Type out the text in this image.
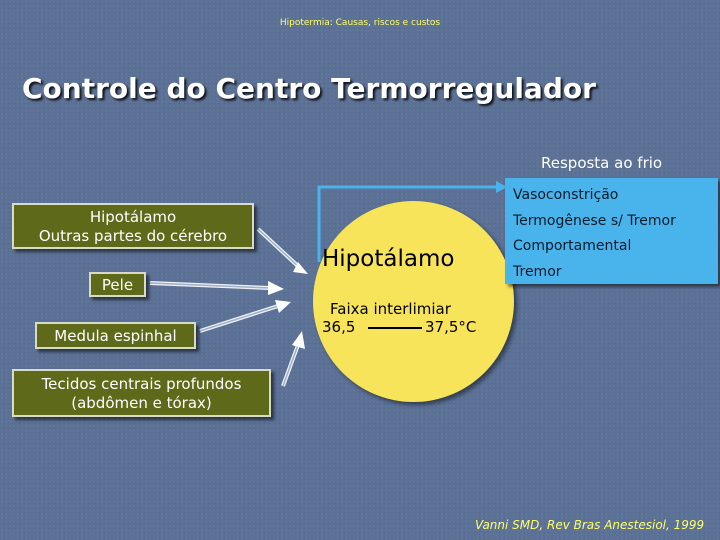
Hipotermia: Causas, riscos e custos
Controle do Centro Termorregulador
Hipotálamo
Outras partes do cérebro
Pele
Medula espinhal
Tecidos centrais profundos
(abdômen e tórax)
Hipotálamo
Faixa interlimiar
36,5	37,5°C
Resposta ao frio
Vasoconstrição
Termogênese s/ Tremor
Comportamental
Tremor
Vanni SMD, Rev Bras Anestesiol, 1999
